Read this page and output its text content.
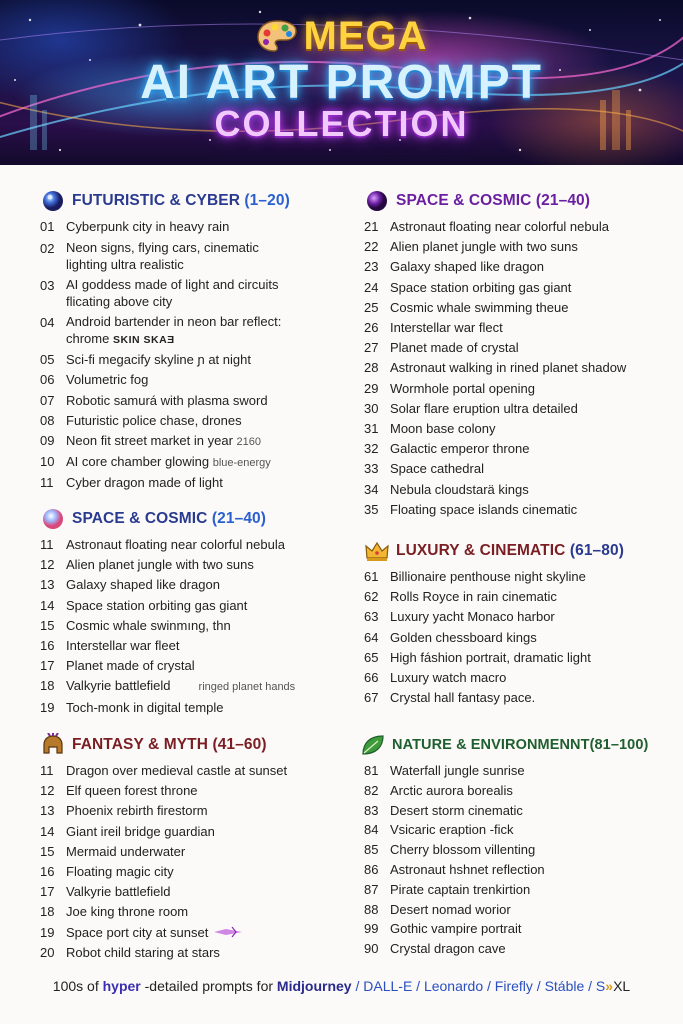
MEGA
AI ART PROMPT
COLLECTION
FUTURISTIC & CYBER (1–20)
01 Cyberpunk city in heavy rain
02 Neon signs, flying cars, cinematic lighting ultra realistic
03 AI goddess made of light and circuits flicating above city
04 Android bartender in neon bar reflect: chrome SKIN SKAƎ
05 Sci-fi megacify skyline ɲ at night
06 Volumetric fog
07 Robotic samurá with plasma sword
08 Futuristic police chase, drones
09 Neon fit street market in year 2160
10 AI core chamber glowing blue-energy
11 Cyber dragon made of light
SPACE & COSMIC (21–40)
11 Astronaut floating near colorful nebula
12 Alien planet jungle with two suns
13 Galaxy shaped like dragon
14 Space station orbiting gas giant
15 Cosmic whale swinmıng, thn
16 Interstellar war fleet
17 Planet made of crystal
18 Valkyrie battlefield	ringed planet hands
19 Toch-monk in digital temple
FANTASY & MYTH (41–60)
11 Dragon over medieval castle at sunset
12 Elf queen forest throne
13 Phoenix rebirth firestorm
14 Giant ireil bridge guardian
15 Mermaid underwater
16 Floating magic city
17 Valkyrie battlefield
18 Joe king throne room
19 Space port city at sunset
20 Robot child staring at stars
SPACE & COSMIC (21–40)
21 Astronaut floating near colorful nebula
22 Alien planet jungle with two suns
23 Galaxy shaped like dragon
24 Space station orbiting gas giant
25 Cosmic whale swimming theue
26 Interstellar war flect
27 Planet made of crystal
28 Astronaut walking in rined planet shadow
29 Wormhole portal opening
30 Solar flare eruption ultra detailed
31 Moon base colony
32 Galactic emperor throne
33 Space cathedral
34 Nebula cloudstarä kings
35 Floating space islands cinematic
LUXURY & CINEMATIC (61–80)
61 Billionaire penthouse night skyline
62 Rolls Royce in rain cinematic
63 Luxury yacht Monaco harbor
64 Golden chessboard kings
65 High fáshion portrait, dramatic light
66 Luxury watch macro
67 Crystal hall fantasy pace.
NATURE & ENVIRONMENNT(81–100)
81 Waterfall jungle sunrise
82 Arctic aurora borealis
83 Desert storm cinematic
84 Vsicaric eraption -fick
85 Cherry blossom villenting
86 Astronaut hshnet reflection
87 Pirate captain trenkirtion
88 Desert nomad worior
99 Gothic vampire portrait
90 Crystal dragon cave
100s of hyper -detailed prompts for Midjourney / DALL-E / Leonardo / Firefly / Stáble / S»XL
